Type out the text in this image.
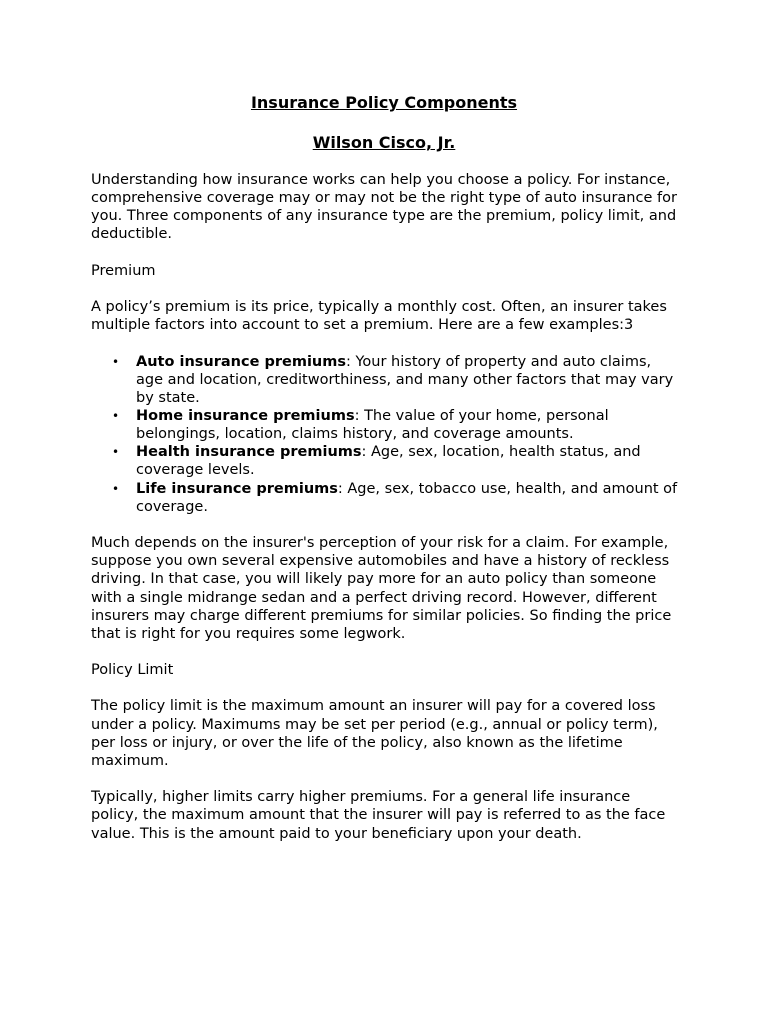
Insurance Policy Components
Wilson Cisco, Jr.

Understanding how insurance works can help you choose a policy. For instance, comprehensive coverage may or may not be the right type of auto insurance for you. Three components of any insurance type are the premium, policy limit, and deductible.

Premium

A policy’s premium is its price, typically a monthly cost. Often, an insurer takes multiple factors into account to set a premium. Here are a few examples:3

• Auto insurance premiums: Your history of property and auto claims, age and location, creditworthiness, and many other factors that may vary by state.
• Home insurance premiums: The value of your home, personal belongings, location, claims history, and coverage amounts.
• Health insurance premiums: Age, sex, location, health status, and coverage levels.
• Life insurance premiums: Age, sex, tobacco use, health, and amount of coverage.

Much depends on the insurer's perception of your risk for a claim. For example, suppose you own several expensive automobiles and have a history of reckless driving. In that case, you will likely pay more for an auto policy than someone with a single midrange sedan and a perfect driving record. However, different insurers may charge different premiums for similar policies. So finding the price that is right for you requires some legwork.

Policy Limit

The policy limit is the maximum amount an insurer will pay for a covered loss under a policy. Maximums may be set per period (e.g., annual or policy term), per loss or injury, or over the life of the policy, also known as the lifetime maximum.

Typically, higher limits carry higher premiums. For a general life insurance policy, the maximum amount that the insurer will pay is referred to as the face value. This is the amount paid to your beneficiary upon your death.
